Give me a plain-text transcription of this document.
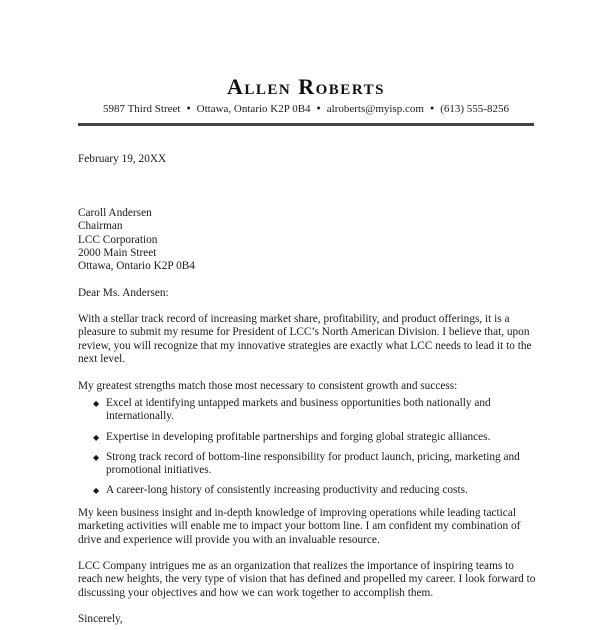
Allen Roberts
5987 Third Street ● Ottawa, Ontario K2P 0B4 ● alroberts@myisp.com ● (613) 555-8256
February 19, 20XX
Caroll Andersen
Chairman
LCC Corporation
2000 Main Street
Ottawa, Ontario K2P 0B4
Dear Ms. Andersen:
With a stellar track record of increasing market share, profitability, and product offerings, it is a pleasure to submit my resume for President of LCC’s North American Division. I believe that, upon review, you will recognize that my innovative strategies are exactly what LCC needs to lead it to the next level.
My greatest strengths match those most necessary to consistent growth and success:
◆ Excel at identifying untapped markets and business opportunities both nationally and internationally.
◆ Expertise in developing profitable partnerships and forging global strategic alliances.
◆ Strong track record of bottom-line responsibility for product launch, pricing, marketing and promotional initiatives.
◆ A career-long history of consistently increasing productivity and reducing costs.
My keen business insight and in-depth knowledge of improving operations while leading tactical marketing activities will enable me to impact your bottom line. I am confident my combination of drive and experience will provide you with an invaluable resource.
LCC Company intrigues me as an organization that realizes the importance of inspiring teams to reach new heights, the very type of vision that has defined and propelled my career. I look forward to discussing your objectives and how we can work together to accomplish them.
Sincerely,
